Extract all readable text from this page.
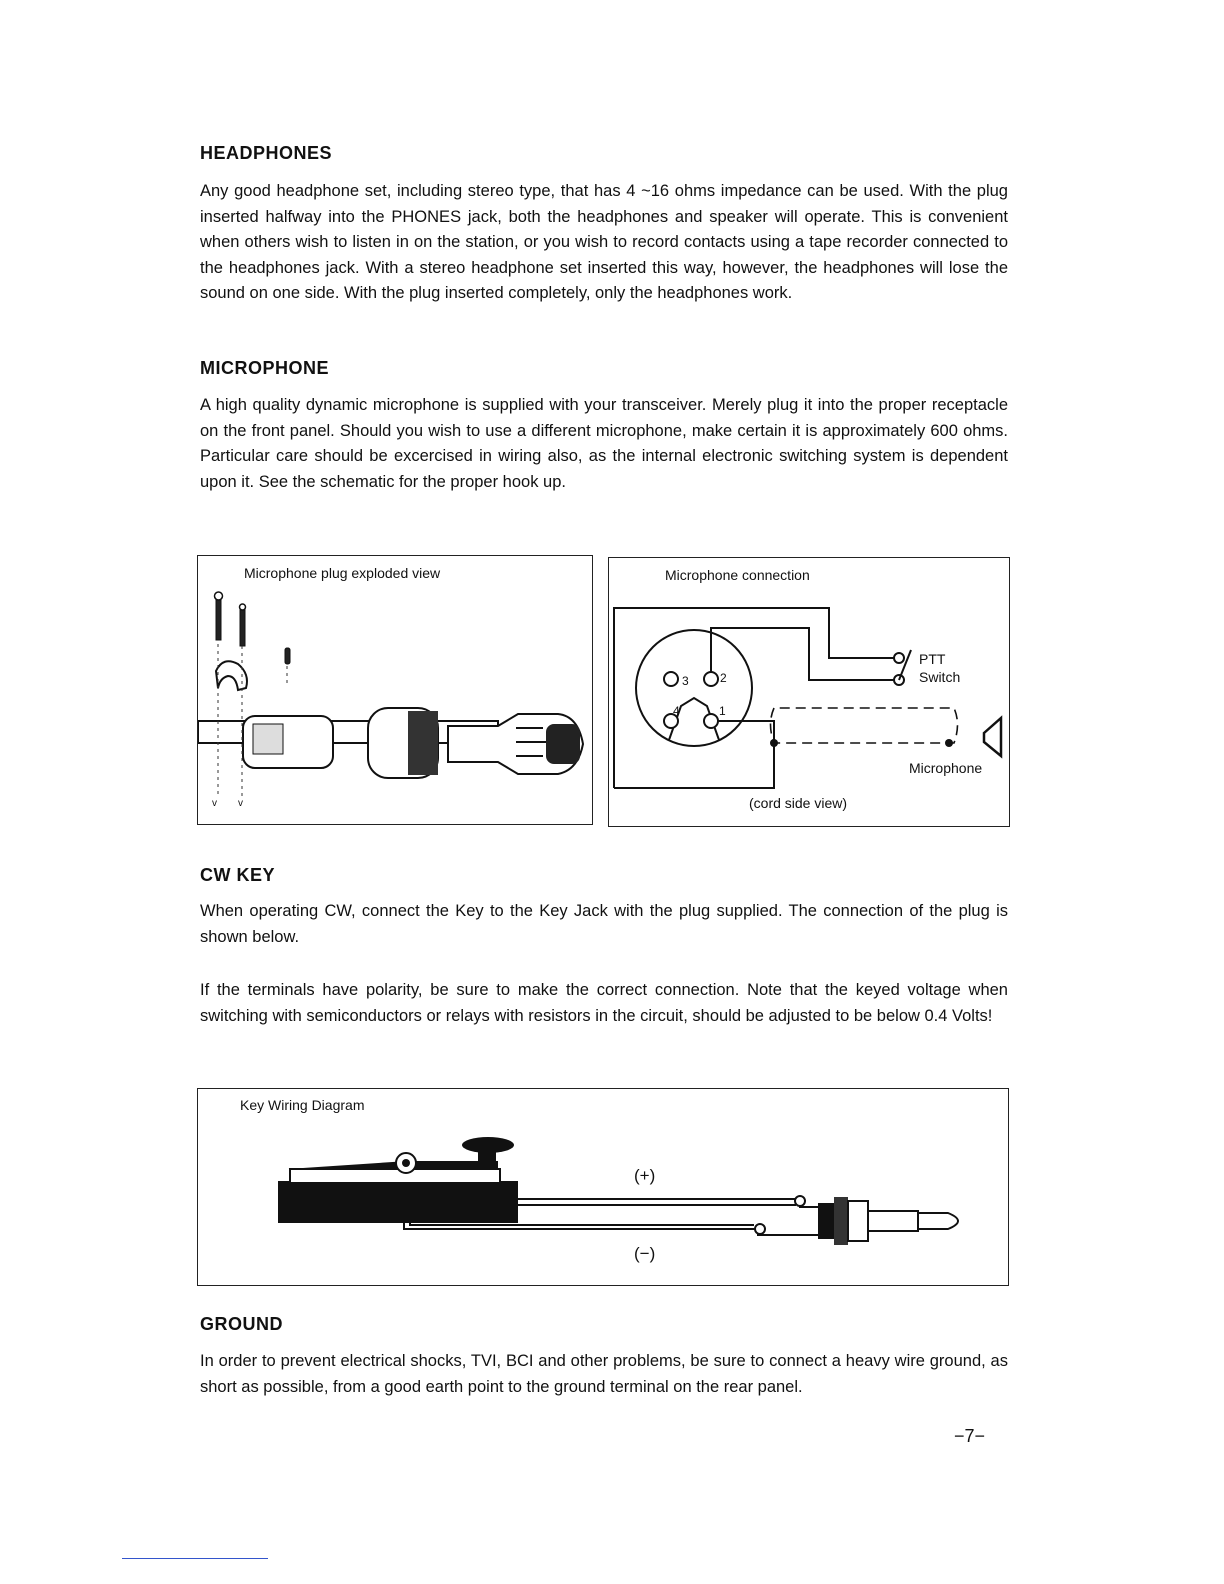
HEADPHONES

Any good headphone set, including stereo type, that has 4 ~16 ohms impedance can be used. With the plug inserted halfway into the PHONES jack, both the headphones and speaker will operate. This is convenient when others wish to listen in on the station, or you wish to record contacts using a tape recorder connected to the headphones jack. With a stereo headphone set inserted this way, however, the headphones will lose the sound on one side. With the plug inserted completely, only the headphones work.

MICROPHONE

A high quality dynamic microphone is supplied with your transceiver. Merely plug it into the proper receptacle on the front panel. Should you wish to use a different microphone, make certain it is approximately 600 ohms. Particular care should be excercised in wiring also, as the internal electronic switching system is dependent upon it. See the schematic for the proper hook up.

Microphone plug exploded view
v v
Microphone connection
3	2
4	1
PTT
Switch
Microphone
(cord side view)
CW KEY

When operating CW, connect the Key to the Key Jack with the plug supplied. The connection of the plug is shown below.

If the terminals have polarity, be sure to make the correct connection. Note that the keyed voltage when switching with semiconductors or relays with resistors in the circuit, should be adjusted to be below 0.4 Volts!

Key Wiring Diagram
(+)
(−)
GROUND

In order to prevent electrical shocks, TVI, BCI and other problems, be sure to connect a heavy wire ground, as short as possible, from a good earth point to the ground terminal on the rear panel.

−7−
